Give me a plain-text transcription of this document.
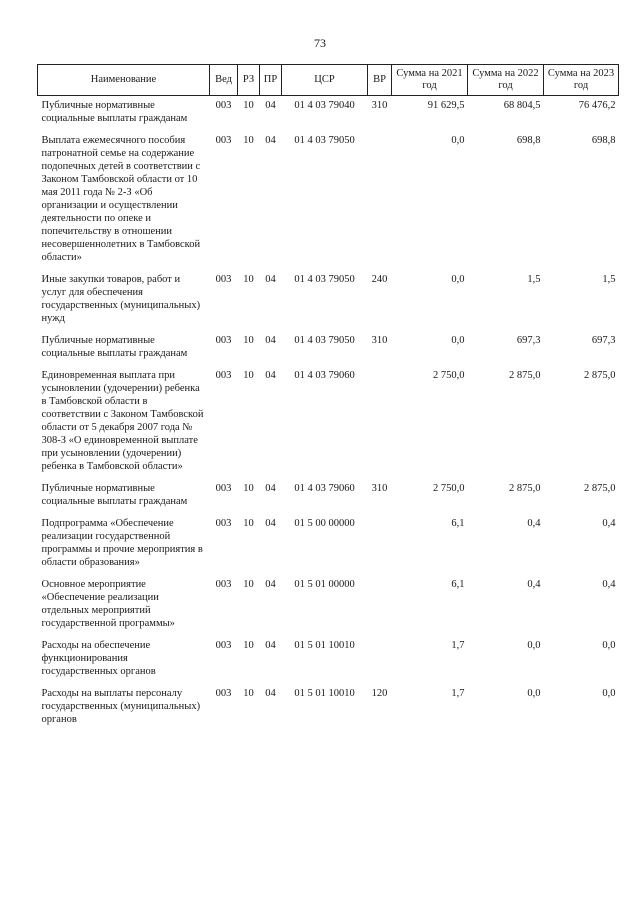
73
Наименование	Вед	РЗ	ПР	ЦСР	ВР	Сумма на 2021 год	Сумма на 2022 год	Сумма на 2023 год
Публичные нормативные социальные выплаты гражданам	003	10	04	01 4 03 79040	310	91 629,5	68 804,5	76 476,2
Выплата ежемесячного пособия патронатной семье на содержание подопечных детей в соответствии с Законом Тамбовской области от 10 мая 2011 года № 2-З «Об организации и осуществлении деятельности по опеке и попечительству в отношении несовершеннолетних в Тамбовской области»	003	10	04	01 4 03 79050		0,0	698,8	698,8
Иные закупки товаров, работ и услуг для обеспечения государственных (муниципальных) нужд	003	10	04	01 4 03 79050	240	0,0	1,5	1,5
Публичные нормативные социальные выплаты гражданам	003	10	04	01 4 03 79050	310	0,0	697,3	697,3
Единовременная выплата при усыновлении (удочерении) ребенка в Тамбовской области в соответствии с Законом Тамбовской области от 5 декабря 2007 года № 308-З «О единовременной выплате при усыновлении (удочерении) ребенка в Тамбовской области»	003	10	04	01 4 03 79060		2 750,0	2 875,0	2 875,0
Публичные нормативные социальные выплаты гражданам	003	10	04	01 4 03 79060	310	2 750,0	2 875,0	2 875,0
Подпрограмма «Обеспечение реализации государственной программы и прочие мероприятия в области образования»	003	10	04	01 5 00 00000		6,1	0,4	0,4
Основное мероприятие «Обеспечение реализации отдельных мероприятий государственной программы»	003	10	04	01 5 01 00000		6,1	0,4	0,4
Расходы на обеспечение функционирования государственных органов	003	10	04	01 5 01 10010		1,7	0,0	0,0
Расходы на выплаты персоналу государственных (муниципальных) органов	003	10	04	01 5 01 10010	120	1,7	0,0	0,0
